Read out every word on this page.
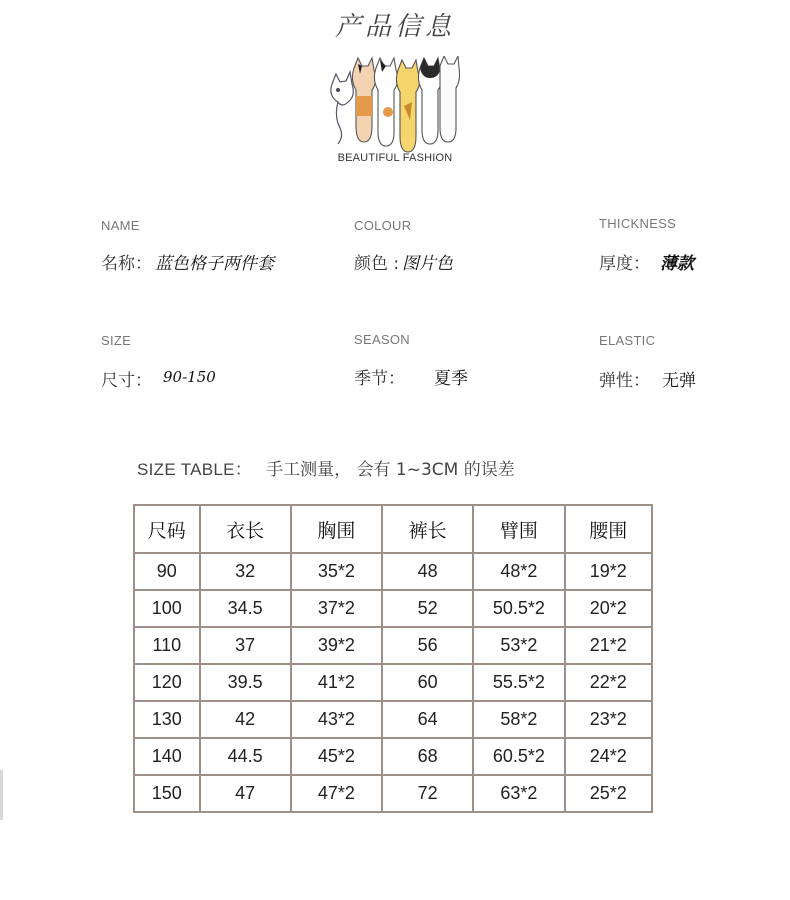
产品信息
BEAUTIFUL FASHION
NAME
名称： 蓝色格子两件套
COLOUR
颜色 : 图片色
THICKNESS
厚度： 薄款
SIZE
尺寸： 90-150
SEASON
季节： 夏季
ELASTIC
弹性： 无弹
SIZE TABLE： 手工测量， 会有 1~3CM 的误差
尺码	衣长	胸围	裤长	臂围	腰围
90	32	35*2	48	48*2	19*2
100	34.5	37*2	52	50.5*2	20*2
110	37	39*2	56	53*2	21*2
120	39.5	41*2	60	55.5*2	22*2
130	42	43*2	64	58*2	23*2
140	44.5	45*2	68	60.5*2	24*2
150	47	47*2	72	63*2	25*2
